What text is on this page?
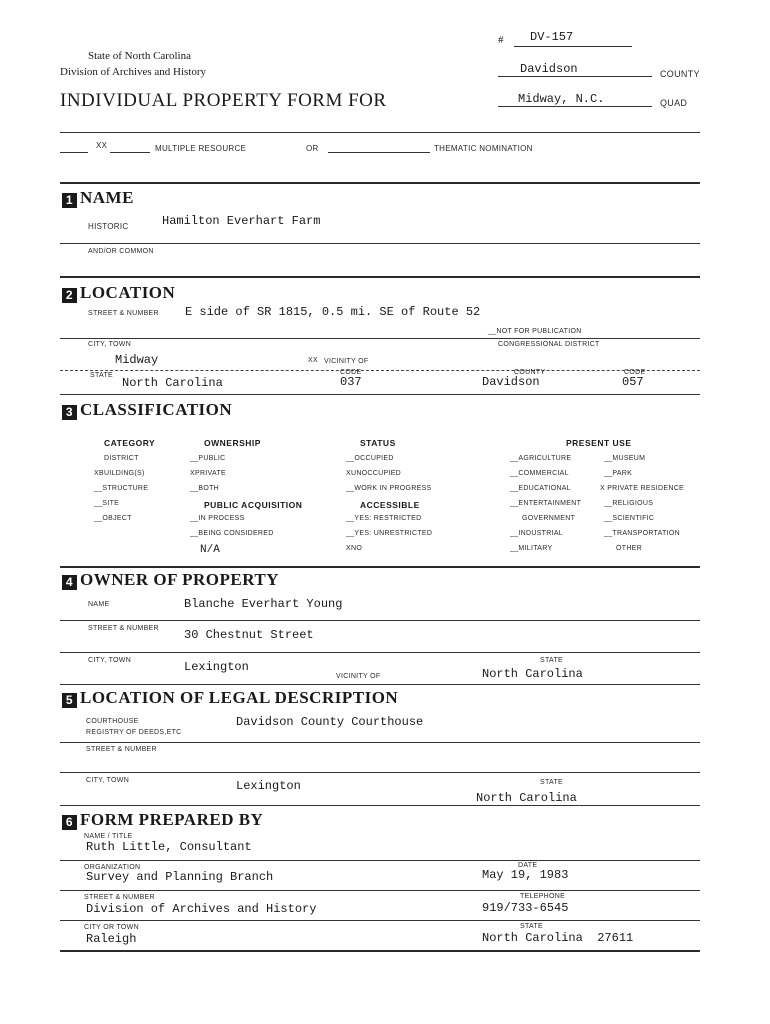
State of North Carolina
Division of Archives and History
INDIVIDUAL PROPERTY FORM FOR
# DV-157
Davidson	COUNTY
Midway, N.C.	QUAD
XX	MULTIPLE RESOURCE	OR	THEMATIC NOMINATION
1 NAME
HISTORIC	Hamilton Everhart Farm
AND/OR COMMON
2 LOCATION
STREET & NUMBER E side of SR 1815, 0.5 mi. SE of Route 52
__NOT FOR PUBLICATION
CITY, TOWN	CONGRESSIONAL DISTRICT
Midway	XX VICINITY OF
STATE
North Carolina
CODE
037
COUNTY
Davidson
CODE
057
3 CLASSIFICATION
CATEGORY	OWNERSHIP	STATUS	PRESENT USE
DISTRICT
XBUILDING(S)
__STRUCTURE
__SITE
__OBJECT
__PUBLIC
XPRIVATE
__BOTH
PUBLIC ACQUISITION
__IN PROCESS
__BEING CONSIDERED
N/A
__OCCUPIED
XUNOCCUPIED
__WORK IN PROGRESS
ACCESSIBLE
__YES: RESTRICTED
__YES: UNRESTRICTED
XNO
__AGRICULTURE
__COMMERCIAL
__EDUCATIONAL
__ENTERTAINMENT
GOVERNMENT
__INDUSTRIAL
__MILITARY
__MUSEUM
__PARK
X PRIVATE RESIDENCE
__RELIGIOUS
__SCIENTIFIC
__TRANSPORTATION
OTHER
4 OWNER OF PROPERTY
NAME	Blanche Everhart Young
STREET & NUMBER 30 Chestnut Street
CITY, TOWN	Lexington
VICINITY OF
STATE
North Carolina
5 LOCATION OF LEGAL DESCRIPTION
COURTHOUSE
REGISTRY OF DEEDS,ETC
Davidson County Courthouse
STREET & NUMBER
CITY, TOWN	Lexington	STATE
North Carolina
6 FORM PREPARED BY
NAME / TITLE
Ruth Little, Consultant
ORGANIZATION
Survey and Planning Branch
DATE
May 19, 1983
STREET & NUMBER
Division of Archives and History
TELEPHONE
919/733-6545
CITY OR TOWN
Raleigh
STATE
North Carolina  27611
